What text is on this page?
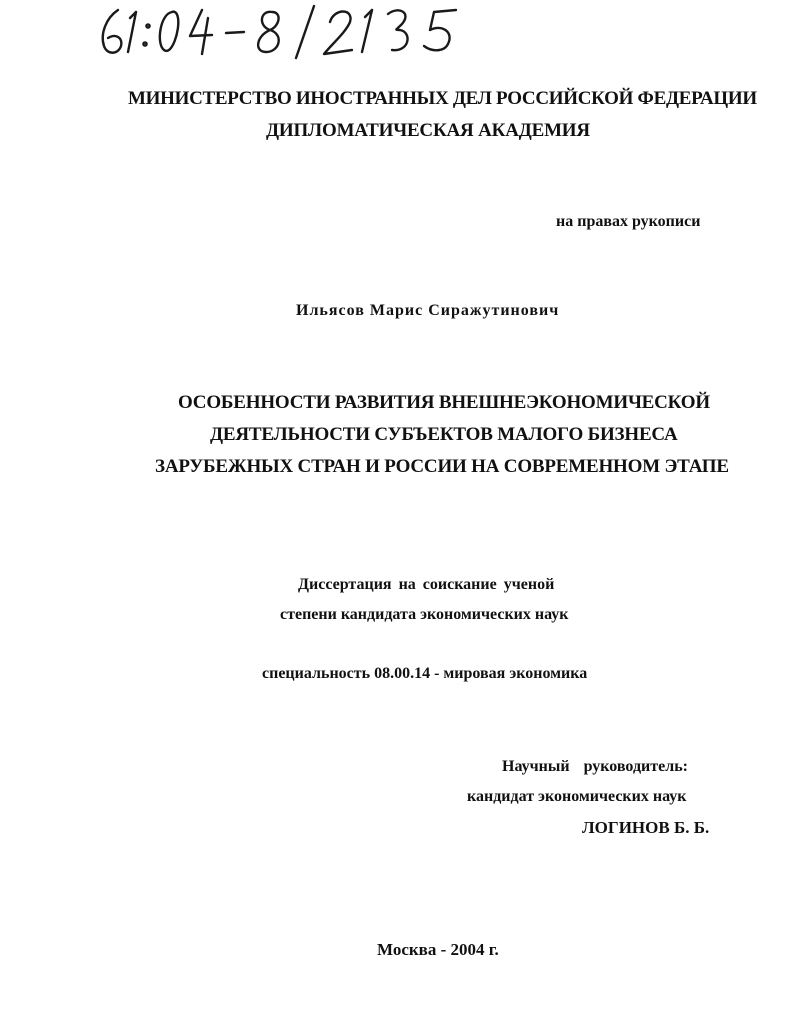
МИНИСТЕРСТВО ИНОСТРАННЫХ ДЕЛ РОССИЙСКОЙ ФЕДЕРАЦИИ
ДИПЛОМАТИЧЕСКАЯ АКАДЕМИЯ
на правах рукописи
Ильясов Марис Сиражутинович
ОСОБЕННОСТИ РАЗВИТИЯ ВНЕШНЕЭКОНОМИЧЕСКОЙ
ДЕЯТЕЛЬНОСТИ СУБЪЕКТОВ МАЛОГО БИЗНЕСА
ЗАРУБЕЖНЫХ СТРАН И РОССИИ НА СОВРЕМЕННОМ ЭТАПЕ
Диссертация на соискание ученой
степени кандидата экономических наук
специальность 08.00.14 - мировая экономика
Научный руководитель:
кандидат экономических наук
ЛОГИНОВ Б. Б.
Москва - 2004 г.
